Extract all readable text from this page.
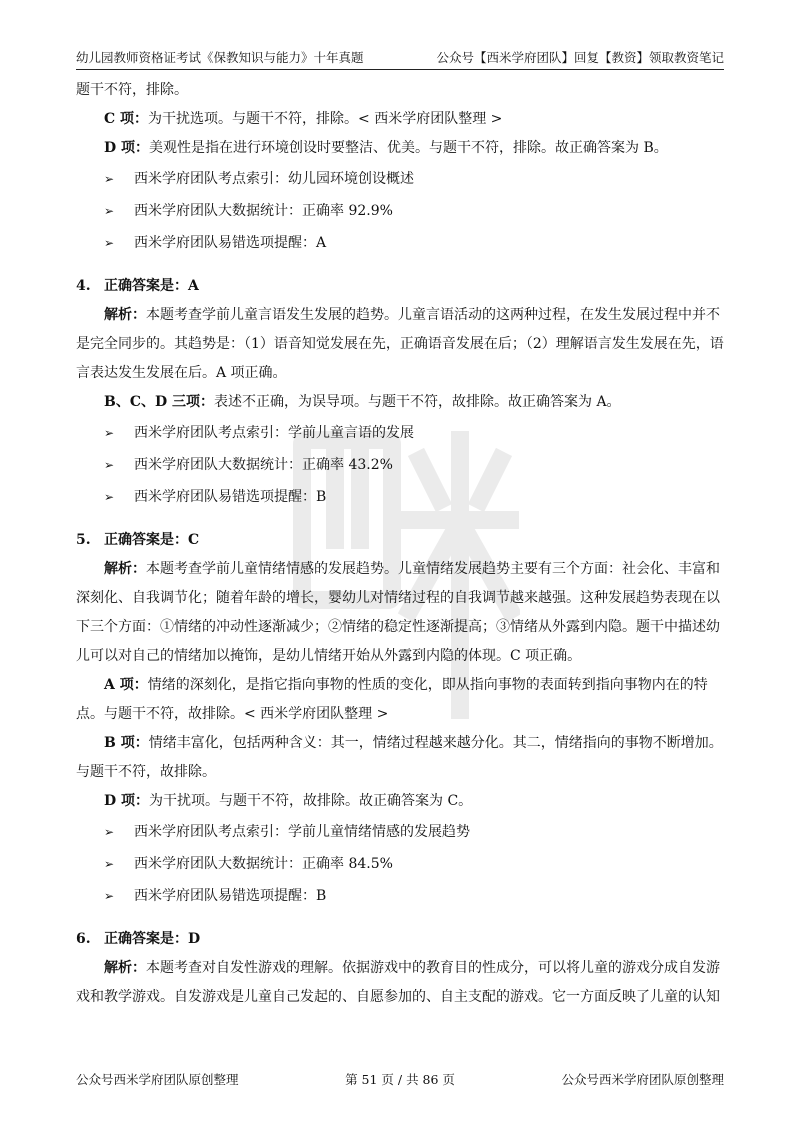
幼儿园教师资格证考试《保教知识与能力》十年真题	公众号【西米学府团队】回复【教资】领取教资笔记

题干不符，排除。

C 项：为干扰选项。与题干不符，排除。< 西米学府团队整理 >

D 项：美观性是指在进行环境创设时要整洁、优美。与题干不符，排除。故正确答案为 B。

➢	西米学府团队考点索引：幼儿园环境创设概述
➢	西米学府团队大数据统计：正确率 92.9%
➢	西米学府团队易错选项提醒：A
4. 正确答案是：A

解析：本题考查学前儿童言语发生发展的趋势。儿童言语活动的这两种过程，在发生发展过程中并不是完全同步的。其趋势是：（1）语音知觉发展在先，正确语音发展在后；（2）理解语言发生发展在先，语言表达发生发展在后。A 项正确。

B、C、D 三项：表述不正确，为误导项。与题干不符，故排除。故正确答案为 A。

➢	西米学府团队考点索引：学前儿童言语的发展
➢	西米学府团队大数据统计：正确率 43.2%
➢	西米学府团队易错选项提醒：B
5. 正确答案是：C

解析：本题考查学前儿童情绪情感的发展趋势。儿童情绪发展趋势主要有三个方面：社会化、丰富和深刻化、自我调节化；随着年龄的增长，婴幼儿对情绪过程的自我调节越来越强。这种发展趋势表现在以下三个方面：①情绪的冲动性逐渐减少；②情绪的稳定性逐渐提高；③情绪从外露到内隐。题干中描述幼儿可以对自己的情绪加以掩饰，是幼儿情绪开始从外露到内隐的体现。C 项正确。

A 项：情绪的深刻化，是指它指向事物的性质的变化，即从指向事物的表面转到指向事物内在的特点。与题干不符，故排除。< 西米学府团队整理 >

B 项：情绪丰富化，包括两种含义：其一，情绪过程越来越分化。其二，情绪指向的事物不断增加。与题干不符，故排除。

D 项：为干扰项。与题干不符，故排除。故正确答案为 C。

➢	西米学府团队考点索引：学前儿童情绪情感的发展趋势
➢	西米学府团队大数据统计：正确率 84.5%
➢	西米学府团队易错选项提醒：B
6. 正确答案是：D

解析：本题考查对自发性游戏的理解。依据游戏中的教育目的性成分，可以将儿童的游戏分成自发游戏和教学游戏。自发游戏是儿童自己发起的、自愿参加的、自主支配的游戏。它一方面反映了儿童的认知

公众号西米学府团队原创整理	第 51 页 / 共 86 页	公众号西米学府团队原创整理
